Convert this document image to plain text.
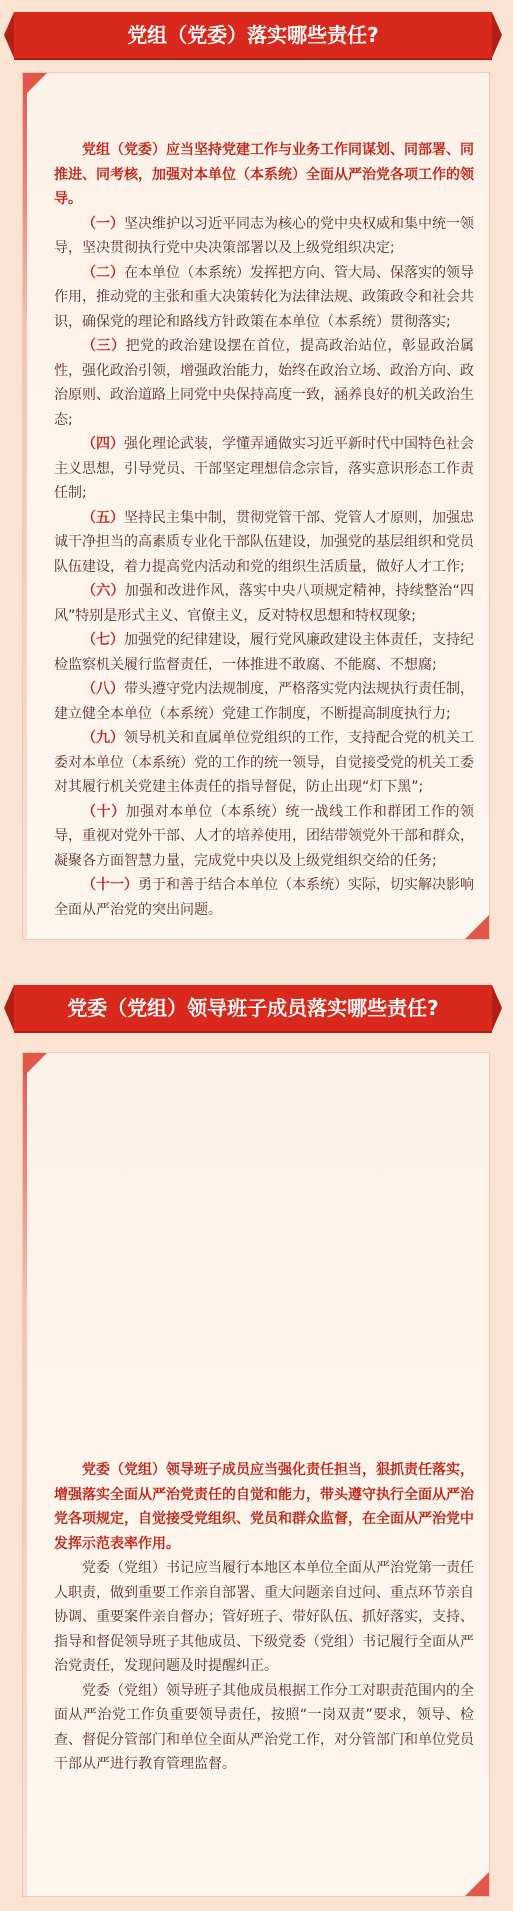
党组（党委）落实哪些责任?

党组（党委）应当坚持党建工作与业务工作同谋划、同部署、同推进、同考核，加强对本单位（本系统）全面从严治党各项工作的领导。

（一）坚决维护以习近平同志为核心的党中央权威和集中统一领导，坚决贯彻执行党中央决策部署以及上级党组织决定;

（二）在本单位（本系统）发挥把方向、管大局、保落实的领导作用，推动党的主张和重大决策转化为法律法规、政策政令和社会共识，确保党的理论和路线方针政策在本单位（本系统）贯彻落实;

（三）把党的政治建设摆在首位，提高政治站位，彰显政治属性，强化政治引领，增强政治能力，始终在政治立场、政治方向、政治原则、政治道路上同党中央保持高度一致，涵养良好的机关政治生态;

（四）强化理论武装，学懂弄通做实习近平新时代中国特色社会主义思想，引导党员、干部坚定理想信念宗旨，落实意识形态工作责任制;

（五）坚持民主集中制，贯彻党管干部、党管人才原则，加强忠诚干净担当的高素质专业化干部队伍建设，加强党的基层组织和党员队伍建设，着力提高党内活动和党的组织生活质量，做好人才工作;

（六）加强和改进作风，落实中央八项规定精神，持续整治“四风”特别是形式主义、官僚主义，反对特权思想和特权现象;

（七）加强党的纪律建设，履行党风廉政建设主体责任，支持纪检监察机关履行监督责任，一体推进不敢腐、不能腐、不想腐;

（八）带头遵守党内法规制度，严格落实党内法规执行责任制，建立健全本单位（本系统）党建工作制度，不断提高制度执行力;

（九）领导机关和直属单位党组织的工作，支持配合党的机关工委对本单位（本系统）党的工作的统一领导，自觉接受党的机关工委对其履行机关党建主体责任的指导督促，防止出现“灯下黑”;

（十）加强对本单位（本系统）统一战线工作和群团工作的领导，重视对党外干部、人才的培养使用，团结带领党外干部和群众，凝聚各方面智慧力量，完成党中央以及上级党组织交给的任务;

（十一）勇于和善于结合本单位（本系统）实际，切实解决影响全面从严治党的突出问题。

党委（党组）领导班子成员落实哪些责任?

党委（党组）领导班子成员应当强化责任担当，狠抓责任落实，增强落实全面从严治党责任的自觉和能力，带头遵守执行全面从严治党各项规定，自觉接受党组织、党员和群众监督，在全面从严治党中发挥示范表率作用。

党委（党组）书记应当履行本地区本单位全面从严治党第一责任人职责，做到重要工作亲自部署、重大问题亲自过问、重点环节亲自协调、重要案件亲自督办；管好班子、带好队伍、抓好落实，支持、指导和督促领导班子其他成员、下级党委（党组）书记履行全面从严治党责任，发现问题及时提醒纠正。

党委（党组）领导班子其他成员根据工作分工对职责范围内的全面从严治党工作负重要领导责任，按照“一岗双责”要求，领导、检查、督促分管部门和单位全面从严治党工作，对分管部门和单位党员干部从严进行教育管理监督。
